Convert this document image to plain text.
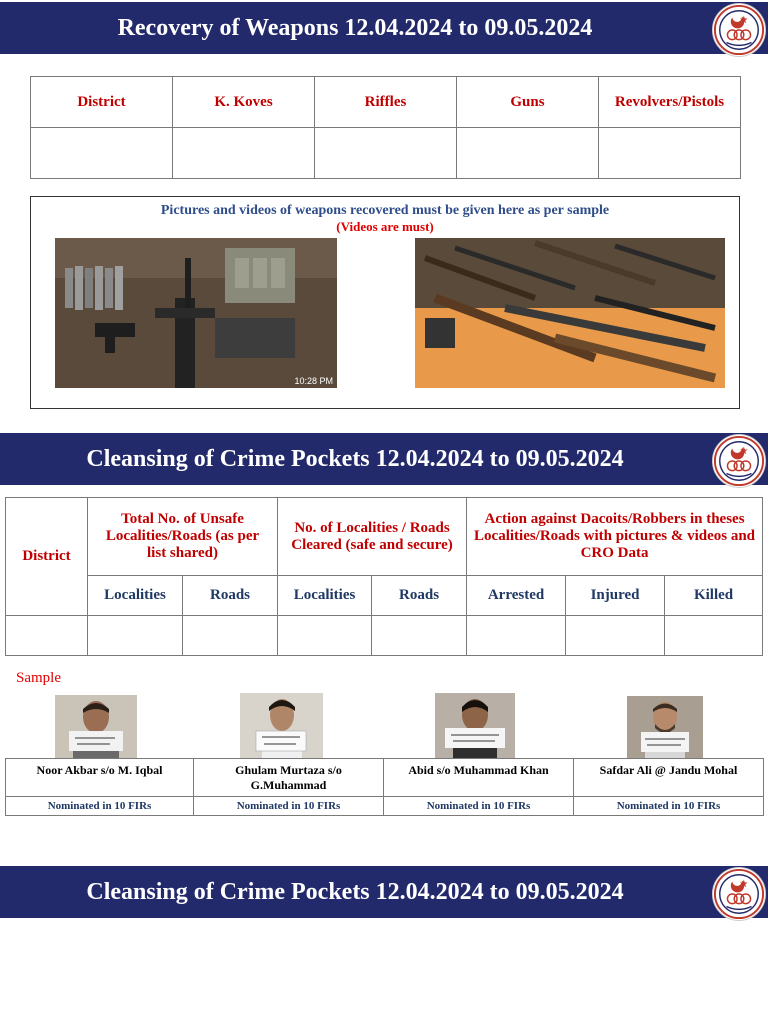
Recovery of Weapons 12.04.2024 to 09.05.2024
District	K. Koves	Riffles	Guns	Revolvers/Pistols

Pictures and videos of weapons recovered must be given here as per sample
(Videos are must)
10:28 PM
Cleansing of Crime Pockets 12.04.2024 to 09.05.2024
District	Total No. of Unsafe Localities/Roads (as per list shared)		No. of Localities / Roads Cleared (safe and secure)		Action against Dacoits/Robbers in theses Localities/Roads with pictures & videos and CRO Data		
	Localities	Roads	Localities	Roads	Arrested	Injured	Killed

Sample
Noor Akbar s/o M. Iqbal	Ghulam Murtaza s/o G.Muhammad	Abid s/o Muhammad Khan	Safdar Ali @ Jandu Mohal
Nominated in 10 FIRs	Nominated in 10 FIRs	Nominated in 10 FIRs	Nominated in 10 FIRs
Cleansing of Crime Pockets 12.04.2024 to 09.05.2024
